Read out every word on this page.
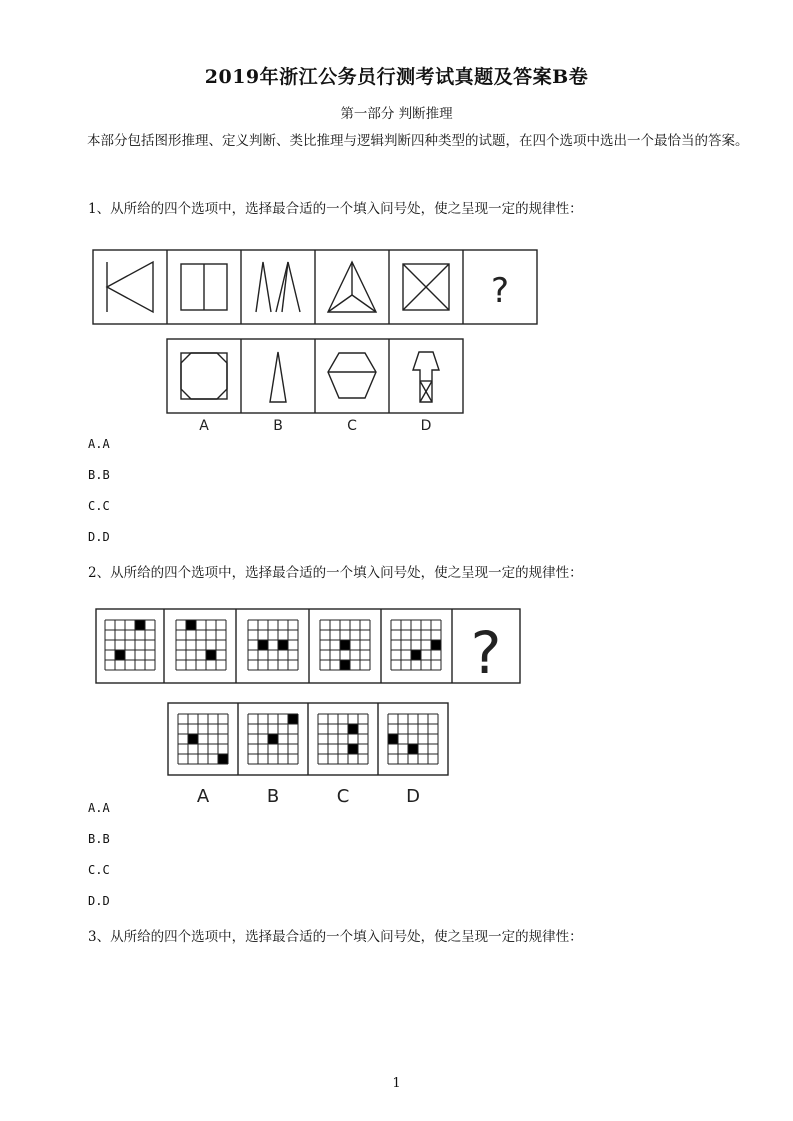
2019年浙江公务员行测考试真题及答案B卷
第一部分 判断推理
本部分包括图形推理、定义判断、类比推理与逻辑判断四种类型的试题，在四个选项中选出一个最恰当的答案。
1、从所给的四个选项中，选择最合适的一个填入问号处，使之呈现一定的规律性：
?
A	B	C	D
A.A
B.B
C.C
D.D
2、从所给的四个选项中，选择最合适的一个填入问号处，使之呈现一定的规律性：
?
A	B	C	D
A.A
B.B
C.C
D.D
3、从所给的四个选项中，选择最合适的一个填入问号处，使之呈现一定的规律性：
1
